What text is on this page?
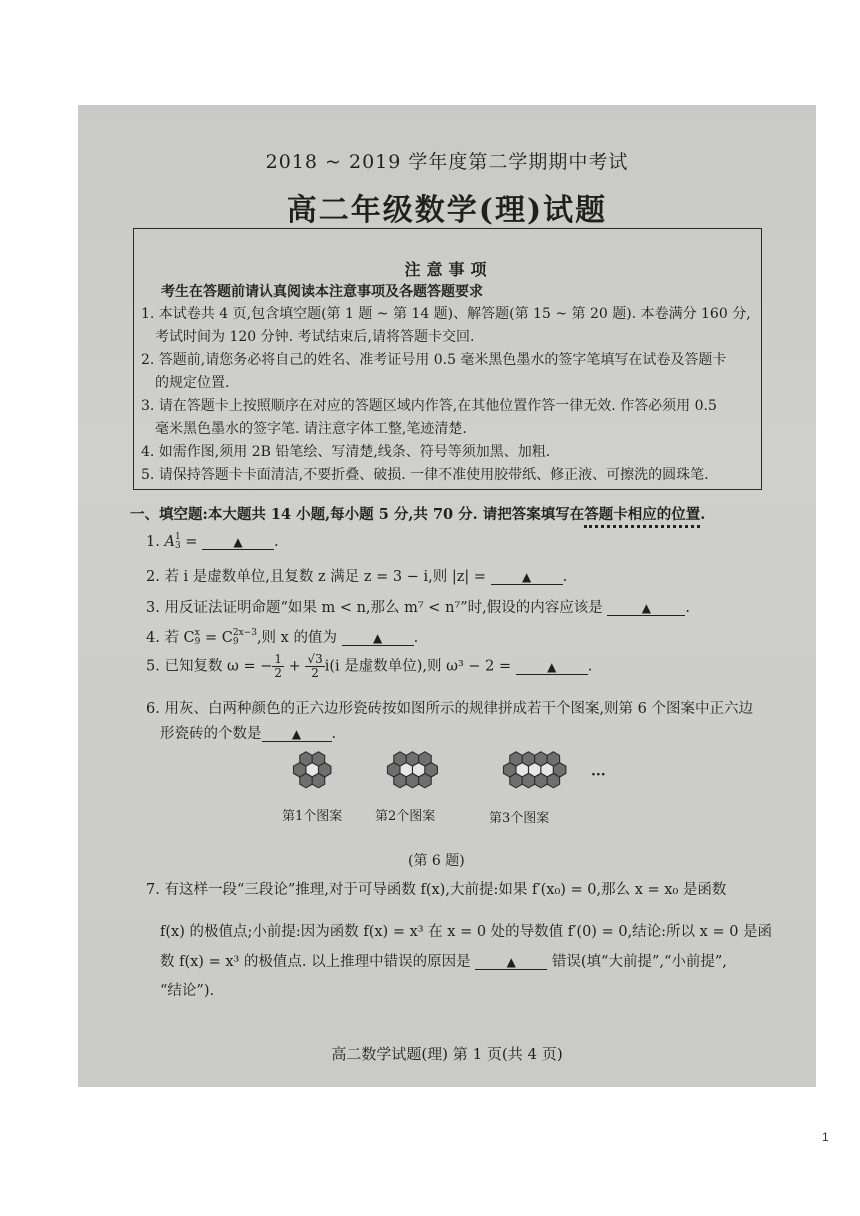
2018 ~ 2019 学年度第二学期期中考试
高二年级数学(理)试题
注意事项
考生在答题前请认真阅读本注意事项及各题答题要求
1. 本试卷共 4 页,包含填空题(第 1 题 ~ 第 14 题)、解答题(第 15 ~ 第 20 题). 本卷满分 160 分,
考试时间为 120 分钟. 考试结束后,请将答题卡交回.
2. 答题前,请您务必将自己的姓名、准考证号用 0.5 毫米黑色墨水的签字笔填写在试卷及答题卡
的规定位置.
3. 请在答题卡上按照顺序在对应的答题区域内作答,在其他位置作答一律无效. 作答必须用 0.5
毫米黑色墨水的签字笔. 请注意字体工整,笔迹清楚.
4. 如需作图,须用 2B 铅笔绘、写清楚,线条、符号等须加黑、加粗.
5. 请保持答题卡卡面清洁,不要折叠、破损. 一律不准使用胶带纸、修正液、可擦洗的圆珠笔.
一、填空题:本大题共 14 小题,每小题 5 分,共 70 分. 请把答案填写在答题卡相应的位置.
1. A 1
3 =	▲ .
2. 若 i 是虚数单位,且复数 z 满足 z = 3 − i,则 |z| =	▲ .
3. 用反证法证明命题“如果 m < n,那么 m⁷ < n⁷”时,假设的内容应该是	▲ .
4. 若 C x
9 = C 2x−3
9	,则 x 的值为	▲ .
5. 已知复数 ω = − $\frac{1}{2} + \frac{√3}{2} i(i$ 是虚数单位),则 ω³ − 2 =	▲ .
6. 用灰、白两种颜色的正六边形瓷砖按如图所示的规律拼成若干个图案,则第 6 个图案中正六边
形瓷砖的个数是	▲ .
第1个图案	第2个图案	第3个图案
···
(第 6 题)
7. 有这样一段“三段论”推理,对于可导函数 f(x),大前提:如果 f′(x₀) = 0,那么 x = x₀ 是函数
f(x) 的极值点;小前提:因为函数 f(x) = x³ 在 x = 0 处的导数值 f′(0) = 0,结论:所以 x = 0 是函
数 f(x) = x³ 的极值点. 以上推理中错误的原因是	▲ 错误(填“大前提”,“小前提”,
“结论”).
高二数学试题(理) 第 1 页(共 4 页)
1
